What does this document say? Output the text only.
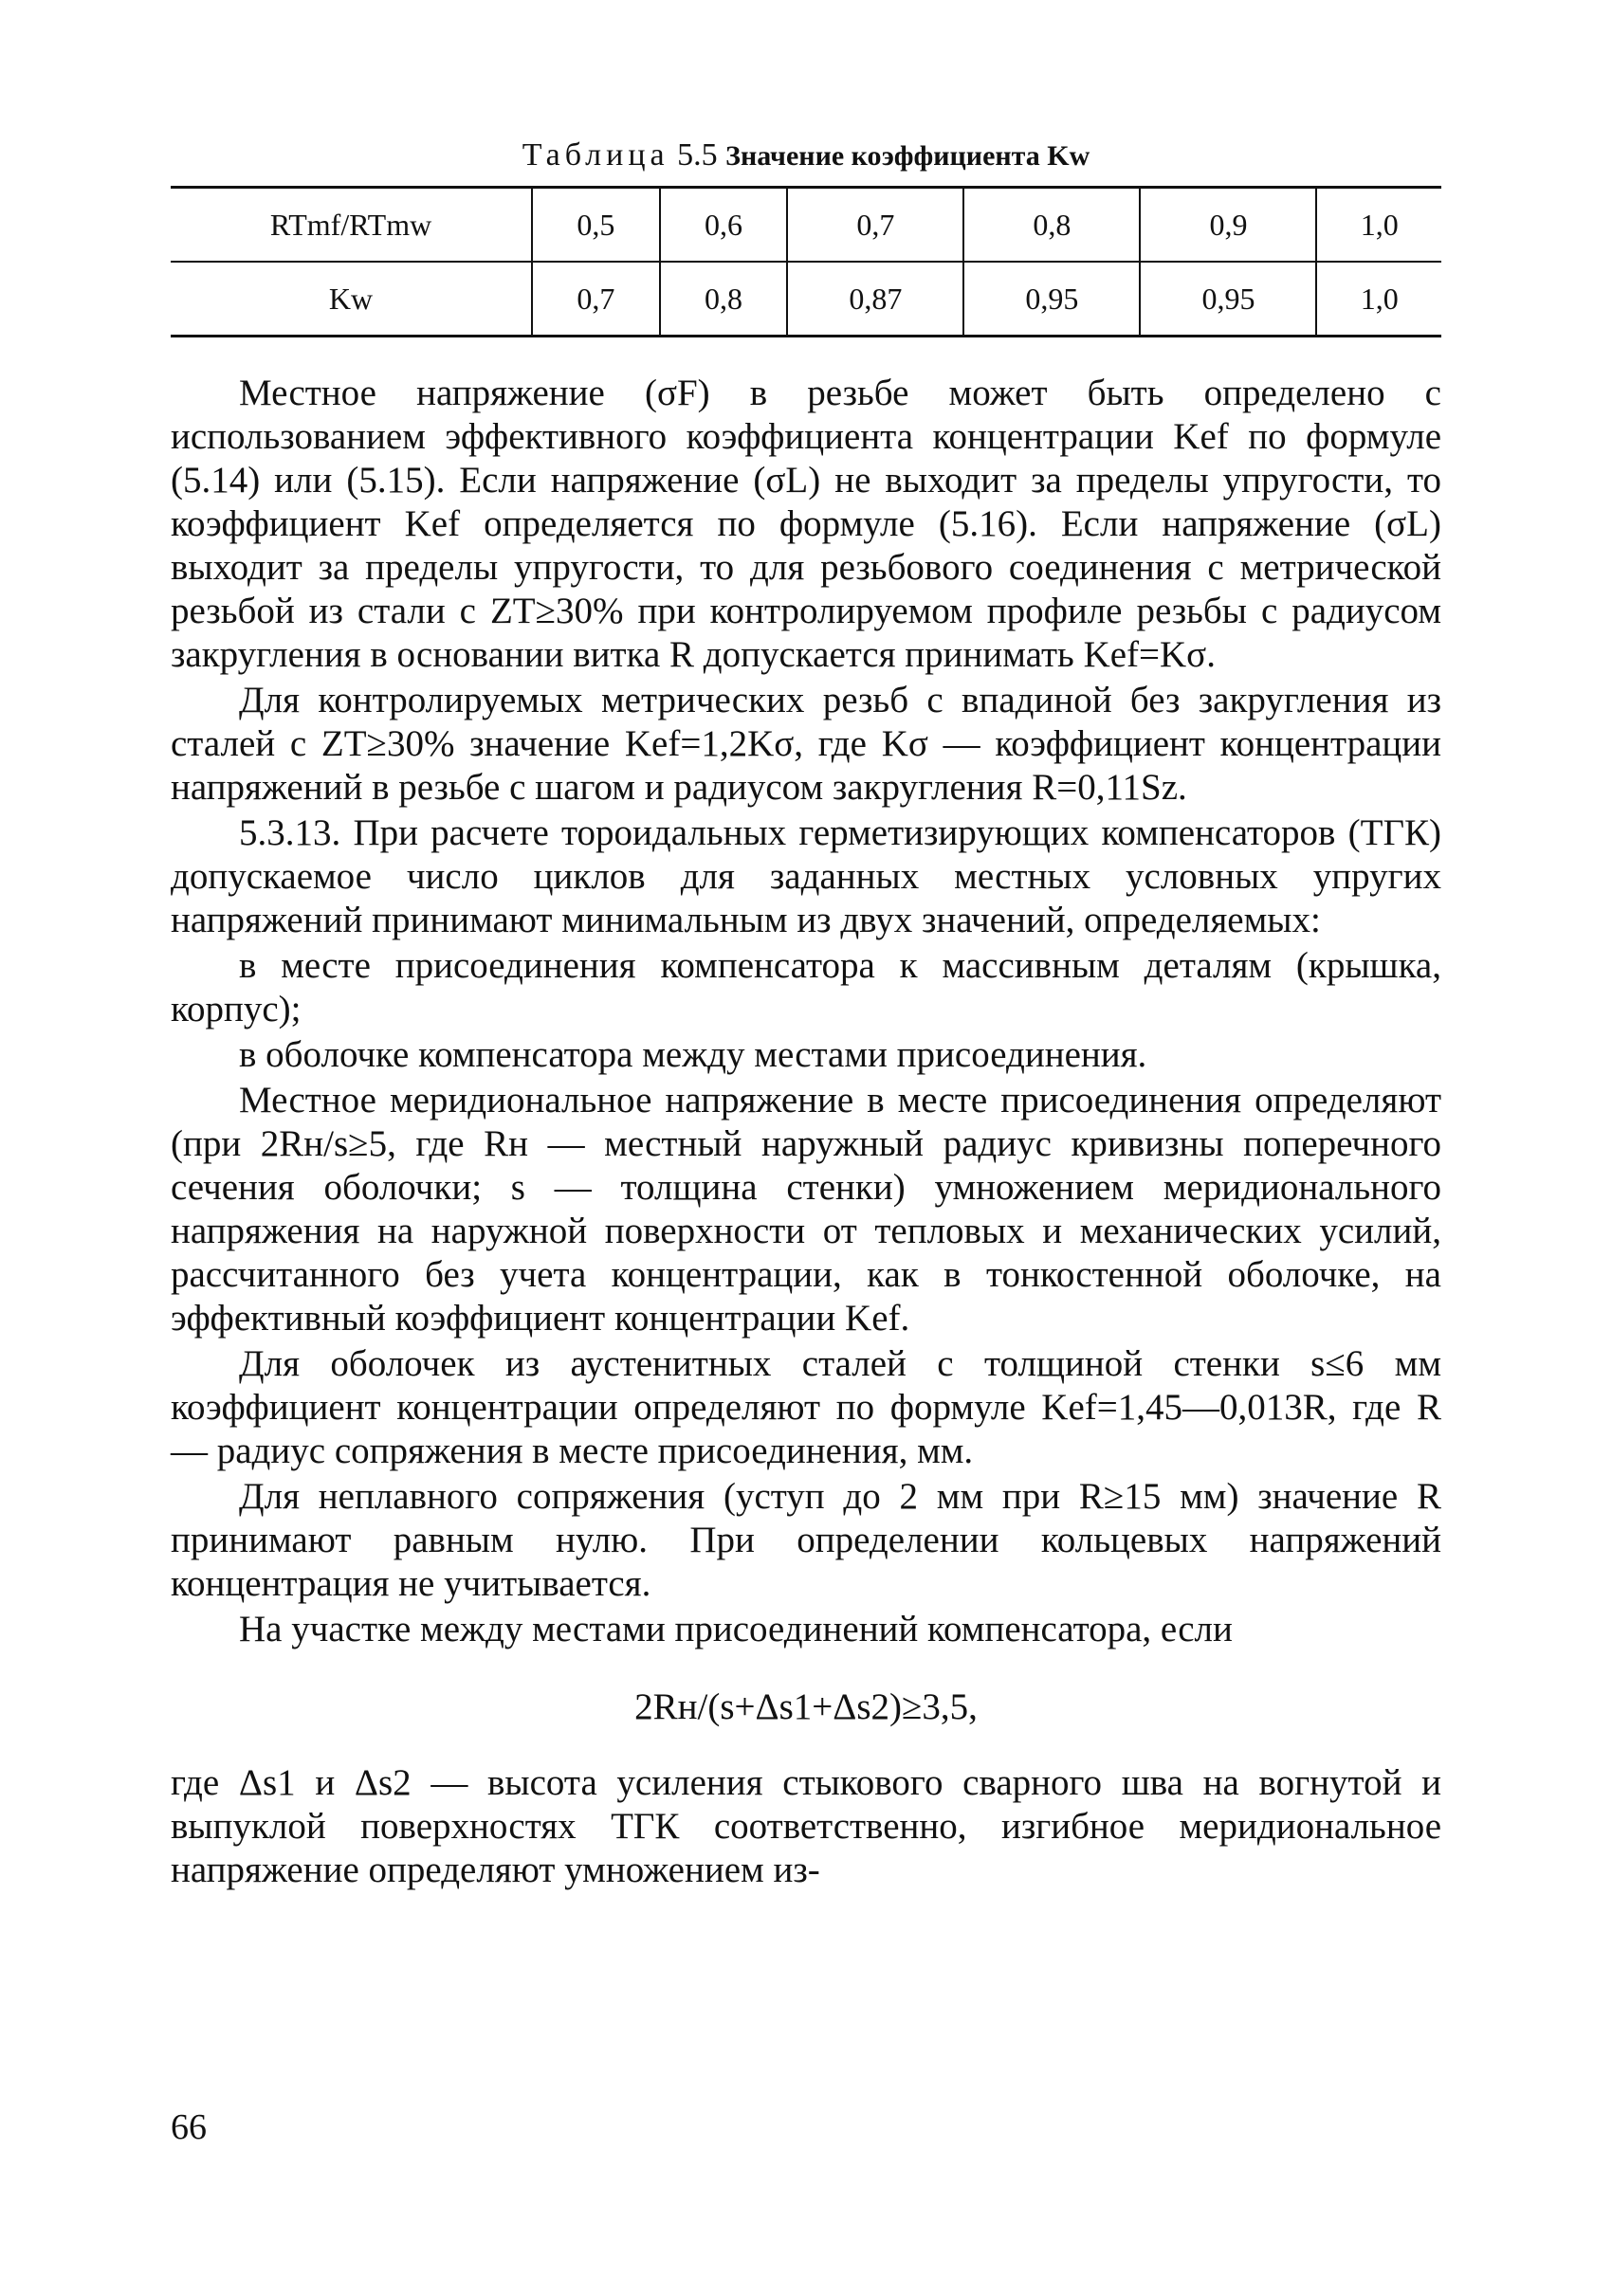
Таблица 5.5 Значение коэффициента Kw
RTmf/RTmw	0,5	0,6	0,7	0,8	0,9	1,0
Kw	0,7	0,8	0,87	0,95	0,95	1,0

Местное напряжение (σF) в резьбе может быть определено с использованием эффективного коэффициента концентрации Kef по формуле (5.14) или (5.15). Если напряжение (σL) не выходит за пределы упругости, то коэффициент Kef определяется по формуле (5.16). Если напряжение (σL) выходит за пределы упругости, то для резьбового соединения с метрической резьбой из стали с ZT≥30% при контролируемом профиле резьбы с радиусом закругления в основании витка R допускается принимать Kef=Kσ.

Для контролируемых метрических резьб с впадиной без закругления из сталей с ZT≥30% значение Kef=1,2Kσ, где Kσ — коэффициент концентрации напряжений в резьбе с шагом и радиусом закругления R=0,11Sz.

5.3.13. При расчете тороидальных герметизирующих компенсаторов (ТГК) допускаемое число циклов для заданных местных условных упругих напряжений принимают минимальным из двух значений, определяемых:

в месте присоединения компенсатора к массивным деталям (крышка, корпус);

в оболочке компенсатора между местами присоединения.

Местное меридиональное напряжение в месте присоединения определяют (при 2Rн/s≥5, где Rн — местный наружный радиус кривизны поперечного сечения оболочки; s — толщина стенки) умножением меридионального напряжения на наружной поверхности от тепловых и механических усилий, рассчитанного без учета концентрации, как в тонкостенной оболочке, на эффективный коэффициент концентрации Kef.

Для оболочек из аустенитных сталей с толщиной стенки s≤6 мм коэффициент концентрации определяют по формуле Kef=1,45—0,013R, где R — радиус сопряжения в месте присоединения, мм.

Для неплавного сопряжения (уступ до 2 мм при R≥15 мм) значение R принимают равным нулю. При определении кольцевых напряжений концентрация не учитывается.

На участке между местами присоединений компенсатора, если

2Rн/(s+Δs1+Δs2)≥3,5,

где Δs1 и Δs2 — высота усиления стыкового сварного шва на вогнутой и выпуклой поверхностях ТГК соответственно, изгибное меридиональное напряжение определяют умножением из-

66
